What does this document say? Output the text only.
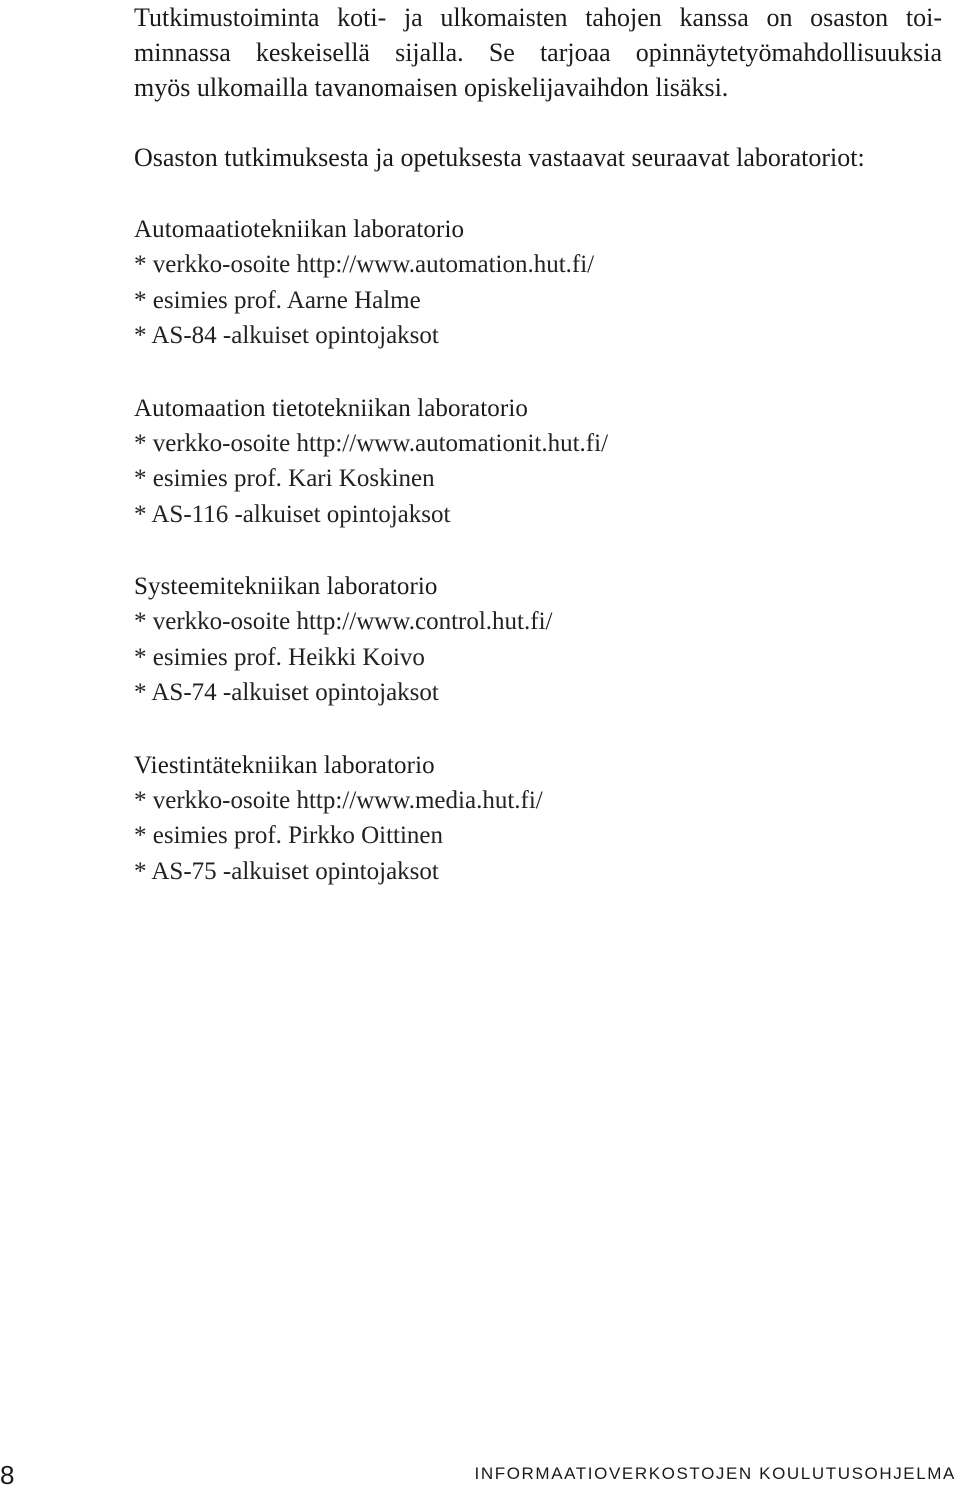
Tutkimustoiminta koti- ja ulkomaisten tahojen kanssa on osaston toi-
minnassa keskeisellä sijalla. Se tarjoaa opinnäytetyömahdollisuuksia
myös ulkomailla tavanomaisen opiskelijavaihdon lisäksi.
Osaston tutkimuksesta ja opetuksesta vastaavat seuraavat laboratoriot:
Automaatiotekniikan laboratorio
* verkko-osoite http://www.automation.hut.fi/
* esimies prof. Aarne Halme
* AS-84 -alkuiset opintojaksot
Automaation tietotekniikan laboratorio
* verkko-osoite http://www.automationit.hut.fi/
* esimies prof. Kari Koskinen
* AS-116 -alkuiset opintojaksot
Systeemitekniikan laboratorio
* verkko-osoite http://www.control.hut.fi/
* esimies prof. Heikki Koivo
* AS-74 -alkuiset opintojaksot
Viestintätekniikan laboratorio
* verkko-osoite http://www.media.hut.fi/
* esimies prof. Pirkko Oittinen
* AS-75 -alkuiset opintojaksot
8	INFORMAATIOVERKOSTOJEN KOULUTUSOHJELMA
